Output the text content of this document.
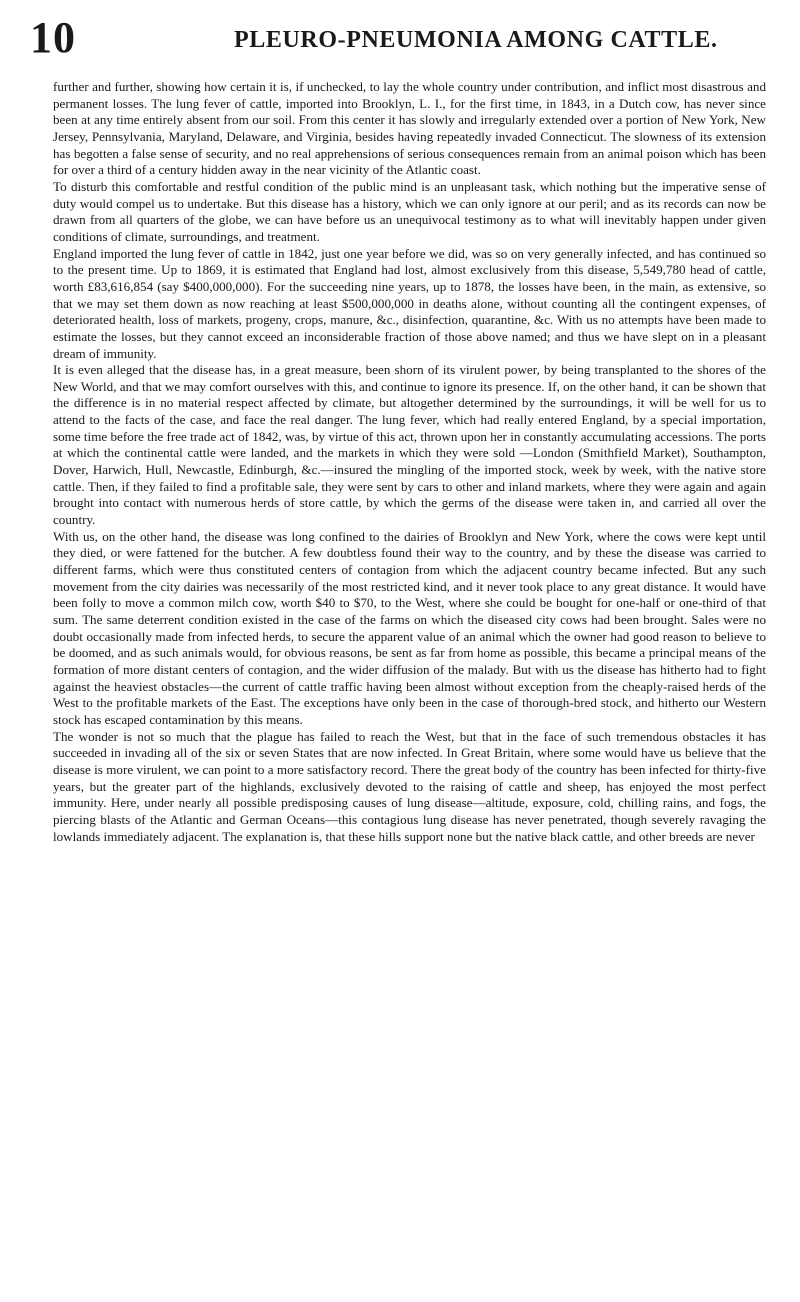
10	PLEURO-PNEUMONIA AMONG CATTLE.

further and further, showing how certain it is, if unchecked, to lay the whole country under contribution, and inflict most disastrous and permanent losses. The lung fever of cattle, imported into Brooklyn, L. I., for the first time, in 1843, in a Dutch cow, has never since been at any time entirely absent from our soil. From this center it has slowly and irregularly extended over a portion of New York, New Jersey, Pennsylvania, Maryland, Delaware, and Virginia, besides having repeatedly invaded Connecticut. The slowness of its extension has begotten a false sense of security, and no real apprehensions of serious consequences remain from an animal poison which has been for over a third of a century hidden away in the near vicinity of the Atlantic coast.

To disturb this comfortable and restful condition of the public mind is an unpleasant task, which nothing but the imperative sense of duty would compel us to undertake. But this disease has a history, which we can only ignore at our peril; and as its records can now be drawn from all quarters of the globe, we can have before us an unequivocal testimony as to what will inevitably happen under given conditions of climate, surroundings, and treatment.

England imported the lung fever of cattle in 1842, just one year before we did, was so on very generally infected, and has continued so to the present time. Up to 1869, it is estimated that England had lost, almost exclusively from this disease, 5,549,780 head of cattle, worth £83,616,854 (say $400,000,000). For the succeeding nine years, up to 1878, the losses have been, in the main, as extensive, so that we may set them down as now reaching at least $500,000,000 in deaths alone, without counting all the contingent expenses, of deteriorated health, loss of markets, progeny, crops, manure, &c., disinfection, quarantine, &c. With us no attempts have been made to estimate the losses, but they cannot exceed an inconsiderable fraction of those above named; and thus we have slept on in a pleasant dream of immunity.

It is even alleged that the disease has, in a great measure, been shorn of its virulent power, by being transplanted to the shores of the New World, and that we may comfort ourselves with this, and continue to ignore its presence. If, on the other hand, it can be shown that the difference is in no material respect affected by climate, but altogether determined by the surroundings, it will be well for us to attend to the facts of the case, and face the real danger. The lung fever, which had really entered England, by a special importation, some time before the free trade act of 1842, was, by virtue of this act, thrown upon her in constantly accumulating accessions. The ports at which the continental cattle were landed, and the markets in which they were sold —London (Smithfield Market), Southampton, Dover, Harwich, Hull, Newcastle, Edinburgh, &c.—insured the mingling of the imported stock, week by week, with the native store cattle. Then, if they failed to find a profitable sale, they were sent by cars to other and inland markets, where they were again and again brought into contact with numerous herds of store cattle, by which the germs of the disease were taken in, and carried all over the country.

With us, on the other hand, the disease was long confined to the dairies of Brooklyn and New York, where the cows were kept until they died, or were fattened for the butcher. A few doubtless found their way to the country, and by these the disease was carried to different farms, which were thus constituted centers of contagion from which the adjacent country became infected. But any such movement from the city dairies was necessarily of the most restricted kind, and it never took place to any great distance. It would have been folly to move a common milch cow, worth $40 to $70, to the West, where she could be bought for one-half or one-third of that sum. The same deterrent condition existed in the case of the farms on which the diseased city cows had been brought. Sales were no doubt occasionally made from infected herds, to secure the apparent value of an animal which the owner had good reason to believe to be doomed, and as such animals would, for obvious reasons, be sent as far from home as possible, this became a principal means of the formation of more distant centers of contagion, and the wider diffusion of the malady. But with us the disease has hitherto had to fight against the heaviest obstacles—the current of cattle traffic having been almost without exception from the cheaply-raised herds of the West to the profitable markets of the East. The exceptions have only been in the case of thorough-bred stock, and hitherto our Western stock has escaped contamination by this means.

The wonder is not so much that the plague has failed to reach the West, but that in the face of such tremendous obstacles it has succeeded in invading all of the six or seven States that are now infected. In Great Britain, where some would have us believe that the disease is more virulent, we can point to a more satisfactory record. There the great body of the country has been infected for thirty-five years, but the greater part of the highlands, exclusively devoted to the raising of cattle and sheep, has enjoyed the most perfect immunity. Here, under nearly all possible predisposing causes of lung disease—altitude, exposure, cold, chilling rains, and fogs, the piercing blasts of the Atlantic and German Oceans—this contagious lung disease has never penetrated, though severely ravaging the lowlands immediately adjacent. The explanation is, that these hills support none but the native black cattle, and other breeds are never
